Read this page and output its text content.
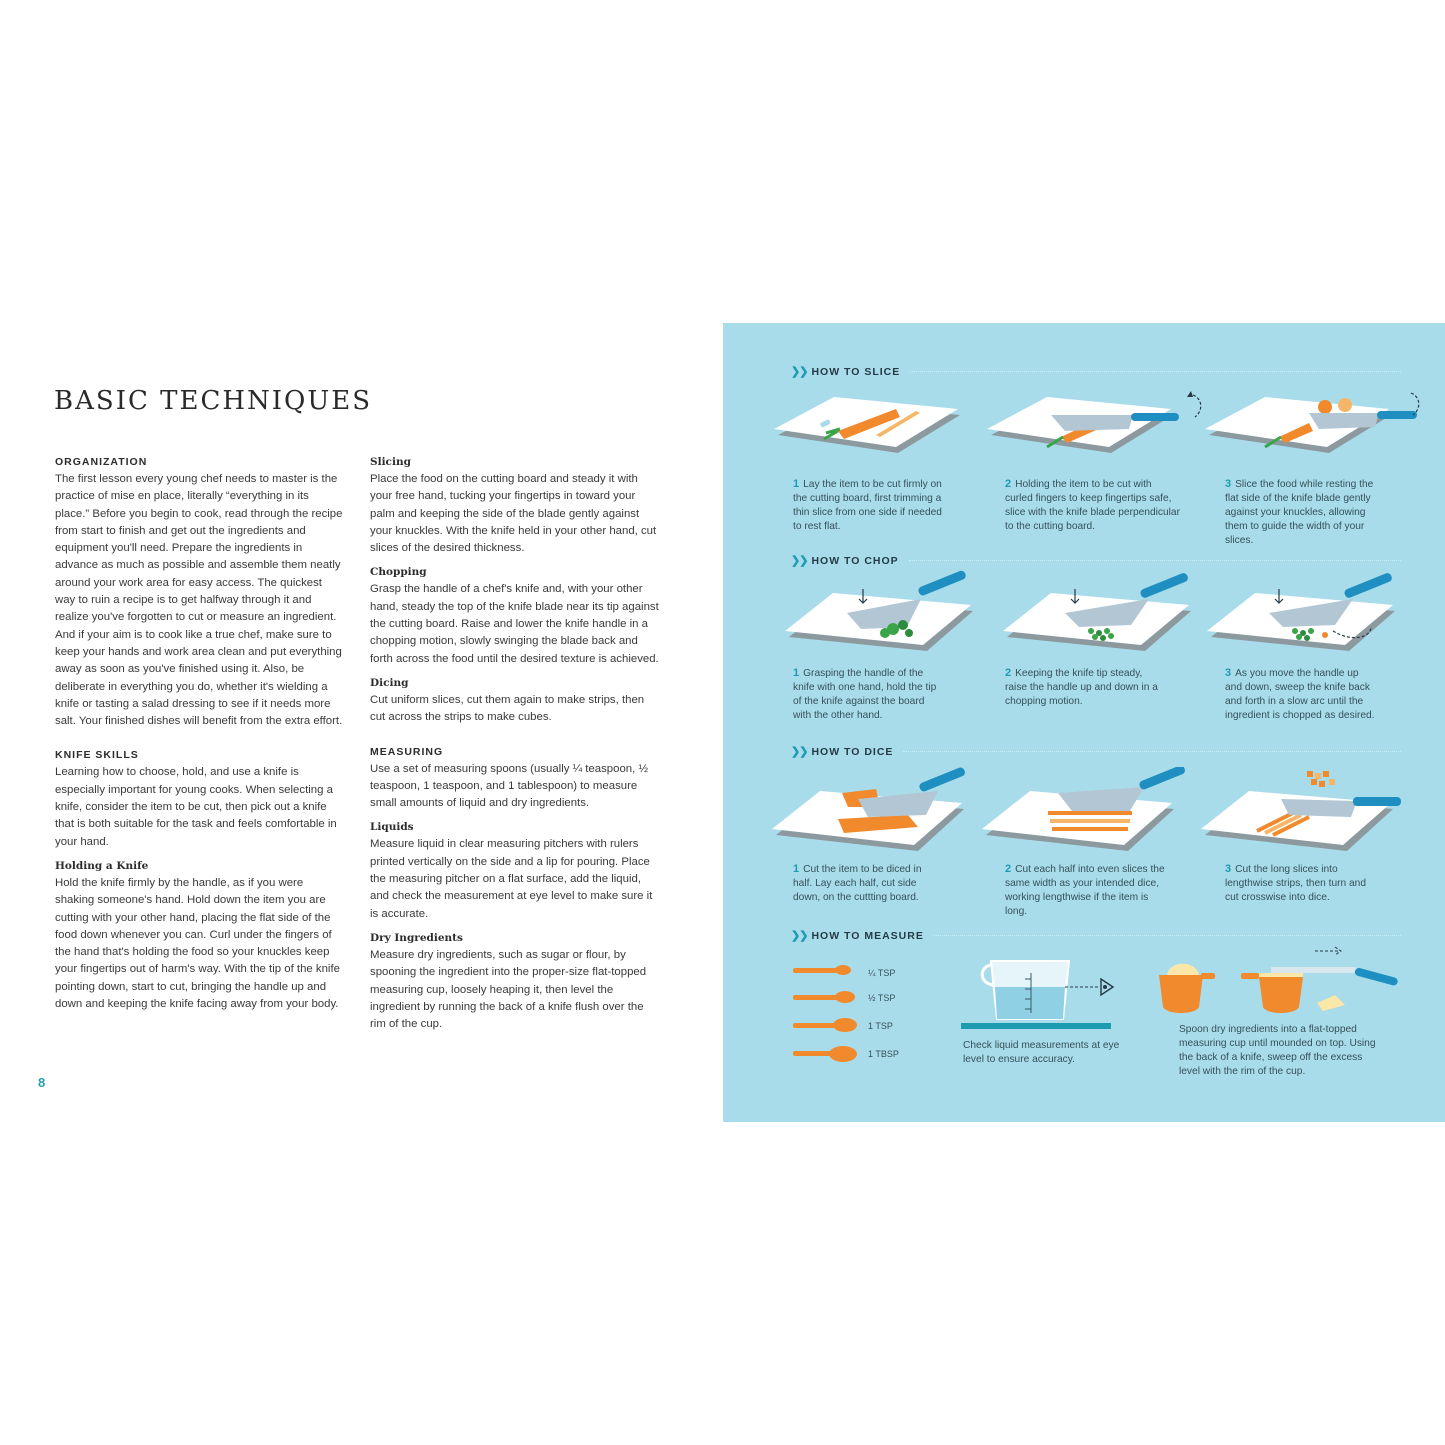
BASIC TECHNIQUES

ORGANIZATION

The first lesson every young chef needs to master is the practice of mise en place, literally “everything in its place.” Before you begin to cook, read through the recipe from start to finish and get out the ingredients and equipment you'll need. Prepare the ingredients in advance as much as possible and assemble them neatly around your work area for easy access. The quickest way to ruin a recipe is to get halfway through it and realize you've forgotten to cut or measure an ingredient. And if your aim is to cook like a true chef, make sure to keep your hands and work area clean and put everything away as soon as you've finished using it. Also, be deliberate in everything you do, whether it's wielding a knife or tasting a salad dressing to see if it needs more salt. Your finished dishes will benefit from the extra effort.

KNIFE SKILLS

Learning how to choose, hold, and use a knife is especially important for young cooks. When selecting a knife, consider the item to be cut, then pick out a knife that is both suitable for the task and feels comfortable in your hand.

Holding a Knife

Hold the knife firmly by the handle, as if you were shaking someone's hand. Hold down the item you are cutting with your other hand, placing the flat side of the food down whenever you can. Curl under the fingers of the hand that's holding the food so your knuckles keep your fingertips out of harm's way. With the tip of the knife pointing down, start to cut, bringing the handle up and down and keeping the knife facing away from your body.

Slicing

Place the food on the cutting board and steady it with your free hand, tucking your fingertips in toward your palm and keeping the side of the blade gently against your knuckles. With the knife held in your other hand, cut slices of the desired thickness.

Chopping

Grasp the handle of a chef's knife and, with your other hand, steady the top of the knife blade near its tip against the cutting board. Raise and lower the knife handle in a chopping motion, slowly swinging the blade back and forth across the food until the desired texture is achieved.

Dicing

Cut uniform slices, cut them again to make strips, then cut across the strips to make cubes.

MEASURING

Use a set of measuring spoons (usually ¼ teaspoon, ½ teaspoon, 1 teaspoon, and 1 tablespoon) to measure small amounts of liquid and dry ingredients.

Liquids

Measure liquid in clear measuring pitchers with rulers printed vertically on the side and a lip for pouring. Place the measuring pitcher on a flat surface, add the liquid, and check the measurement at eye level to make sure it is accurate.

Dry Ingredients

Measure dry ingredients, such as sugar or flour, by spooning the ingredient into the proper-size flat-topped measuring cup, loosely heaping it, then level the ingredient by running the back of a knife flush over the rim of the cup.

8
❯❯ HOW TO SLICE
1 Lay the item to be cut firmly on the cutting board, first trimming a thin slice from one side if needed to rest flat.
2 Holding the item to be cut with curled fingers to keep fingertips safe, slice with the knife blade perpendicular to the cutting board.
3 Slice the food while resting the flat side of the knife blade gently against your knuckles, allowing them to guide the width of your slices.
❯❯ HOW TO CHOP
1 Grasping the handle of the knife with one hand, hold the tip of the knife against the board with the other hand.
2 Keeping the knife tip steady, raise the handle up and down in a chopping motion.
3 As you move the handle up and down, sweep the knife back and forth in a slow arc until the ingredient is chopped as desired.
❯❯ HOW TO DICE
1 Cut the item to be diced in half. Lay each half, cut side down, on the cuttting board.
2 Cut each half into even slices the same width as your intended dice, working lengthwise if the item is long.
3 Cut the long slices into lengthwise strips, then turn and cut crosswise into dice.
❯❯ HOW TO MEASURE
¼ TSP
½ TSP
1 TSP
1 TBSP
Check liquid measurements at eye level to ensure accuracy.
Spoon dry ingredients into a flat-topped measuring cup until mounded on top. Using the back of a knife, sweep off the excess level with the rim of the cup.
